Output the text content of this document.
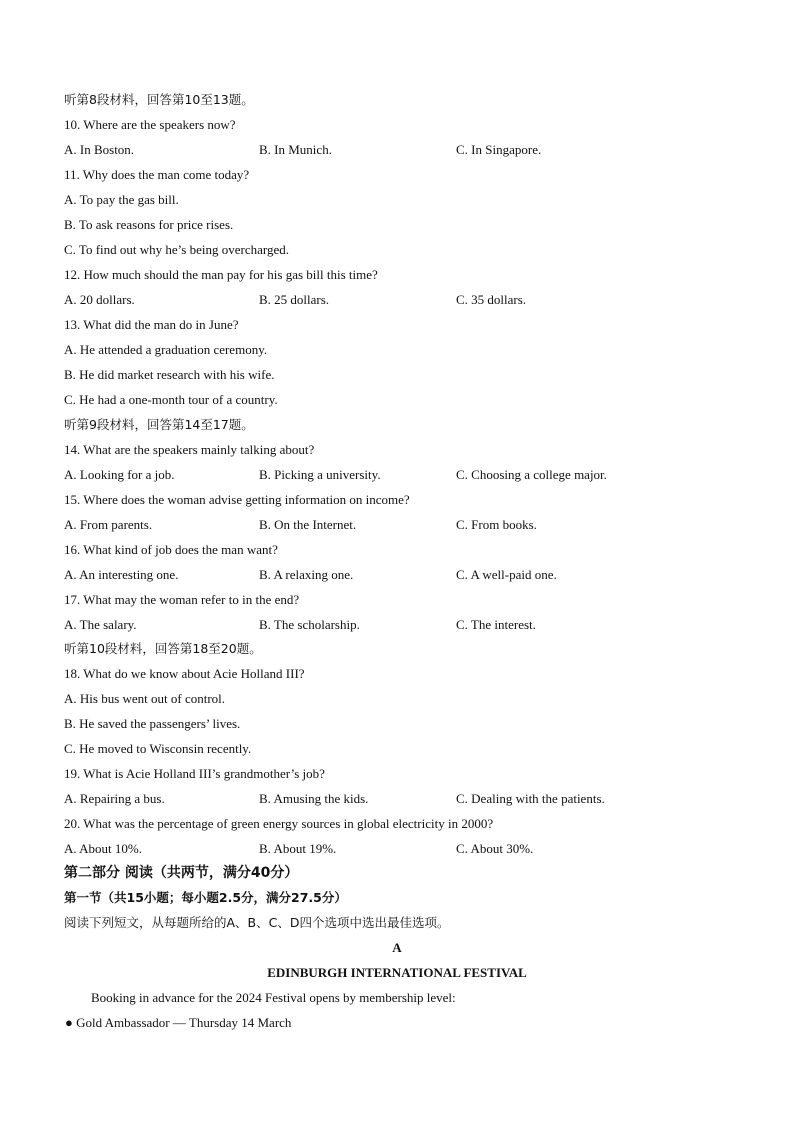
听第8段材料，回答第10至13题。
10. Where are the speakers now?
A. In Boston.	B. In Munich.	C. In Singapore.
11. Why does the man come today?
A. To pay the gas bill.
B. To ask reasons for price rises.
C. To find out why he’s being overcharged.
12. How much should the man pay for his gas bill this time?
A. 20 dollars.	B. 25 dollars.	C. 35 dollars.
13. What did the man do in June?
A. He attended a graduation ceremony.
B. He did market research with his wife.
C. He had a one-month tour of a country.
听第9段材料，回答第14至17题。
14. What are the speakers mainly talking about?
A. Looking for a job.	B. Picking a university.	C. Choosing a college major.
15. Where does the woman advise getting information on income?
A. From parents.	B. On the Internet.	C. From books.
16. What kind of job does the man want?
A. An interesting one.	B. A relaxing one.	C. A well-paid one.
17. What may the woman refer to in the end?
A. The salary.	B. The scholarship.	C. The interest.
听第10段材料，回答第18至20题。
18. What do we know about Acie Holland III?
A. His bus went out of control.
B. He saved the passengers’ lives.
C. He moved to Wisconsin recently.
19. What is Acie Holland III’s grandmother’s job?
A. Repairing a bus.	B. Amusing the kids.	C. Dealing with the patients.
20. What was the percentage of green energy sources in global electricity in 2000?
A. About 10%.	B. About 19%.	C. About 30%.
第二部分 阅读（共两节，满分40分）
第一节（共15小题；每小题2.5分，满分27.5分）
阅读下列短文，从每题所给的A、B、C、D四个选项中选出最佳选项。
A
EDINBURGH INTERNATIONAL FESTIVAL
Booking in advance for the 2024 Festival opens by membership level:
● Gold Ambassador — Thursday 14 March
